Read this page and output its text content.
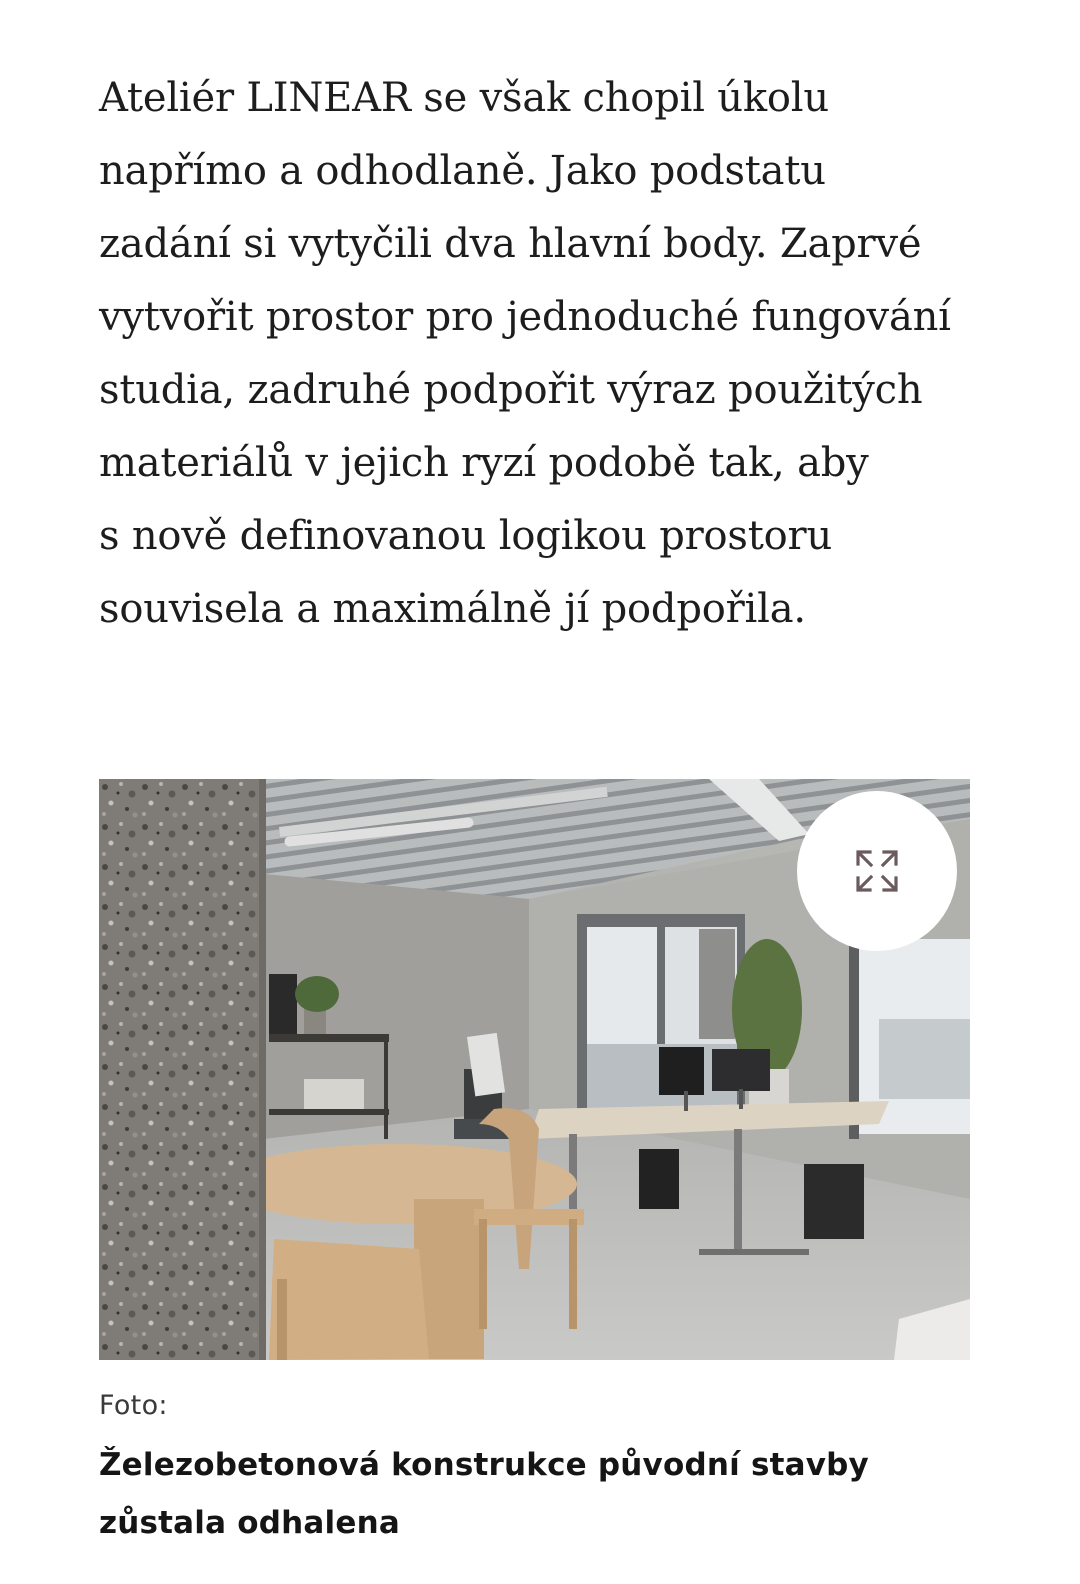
Ateliér LINEAR se však chopil úkolu
napřímo a odhodlaně. Jako podstatu
zadání si vytyčili dva hlavní body. Zaprvé
vytvořit prostor pro jednoduché fungování
studia, zadruhé podpořit výraz použitých
materiálů v jejich ryzí podobě tak, aby
s nově definovanou logikou prostoru
souvisela a maximálně jí podpořila.

Foto:
Železobetonová konstrukce původní stavby zůstala odhalena
